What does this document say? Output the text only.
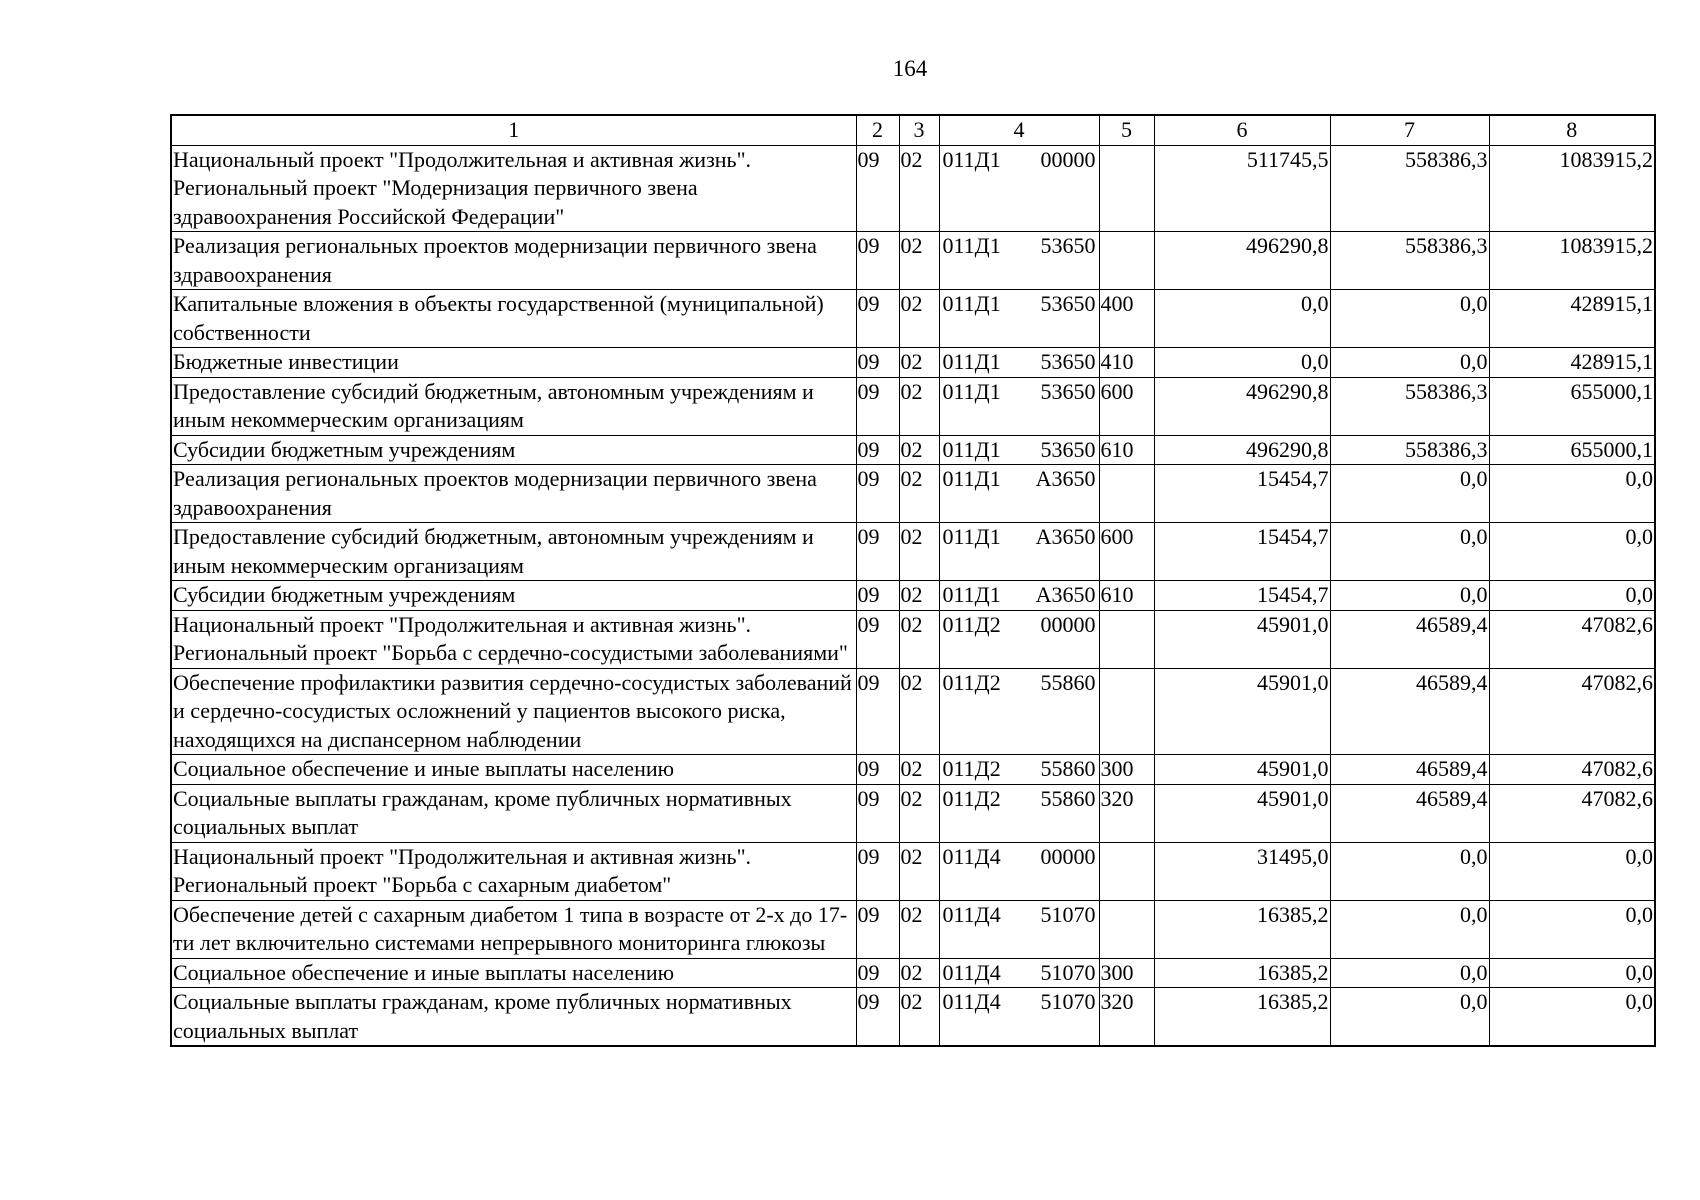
164
1	2	3	4	5	6	7	8
Национальный проект "Продолжительная и активная жизнь". Региональный проект "Модернизация первичного звена здравоохранения Российской Федерации"	09	02	011Д1 00000		511745,5	558386,3	1083915,2
Реализация региональных проектов модернизации первичного звена здравоохранения	09	02	011Д1 53650		496290,8	558386,3	1083915,2
Капитальные вложения в объекты государственной (муниципальной) собственности	09	02	011Д1 53650	400	0,0	0,0	428915,1
Бюджетные инвестиции	09	02	011Д1 53650	410	0,0	0,0	428915,1
Предоставление субсидий бюджетным, автономным учреждениям и иным некоммерческим организациям	09	02	011Д1 53650	600	496290,8	558386,3	655000,1
Субсидии бюджетным учреждениям	09	02	011Д1 53650	610	496290,8	558386,3	655000,1
Реализация региональных проектов модернизации первичного звена здравоохранения	09	02	011Д1 А3650		15454,7	0,0	0,0
Предоставление субсидий бюджетным, автономным учреждениям и иным некоммерческим организациям	09	02	011Д1 А3650	600	15454,7	0,0	0,0
Субсидии бюджетным учреждениям	09	02	011Д1 А3650	610	15454,7	0,0	0,0
Национальный проект "Продолжительная и активная жизнь". Региональный проект "Борьба с сердечно-сосудистыми заболеваниями"	09	02	011Д2 00000		45901,0	46589,4	47082,6
Обеспечение профилактики развития сердечно-сосудистых заболеваний и сердечно-сосудистых осложнений у пациентов высокого риска, находящихся на диспансерном наблюдении	09	02	011Д2 55860		45901,0	46589,4	47082,6
Социальное обеспечение и иные выплаты населению	09	02	011Д2 55860	300	45901,0	46589,4	47082,6
Социальные выплаты гражданам, кроме публичных нормативных социальных выплат	09	02	011Д2 55860	320	45901,0	46589,4	47082,6
Национальный проект "Продолжительная и активная жизнь". Региональный проект "Борьба с сахарным диабетом"	09	02	011Д4 00000		31495,0	0,0	0,0
Обеспечение детей с сахарным диабетом 1 типа в возрасте от 2-х до 17-ти лет включительно системами непрерывного мониторинга глюкозы	09	02	011Д4 51070		16385,2	0,0	0,0
Социальное обеспечение и иные выплаты населению	09	02	011Д4 51070	300	16385,2	0,0	0,0
Социальные выплаты гражданам, кроме публичных нормативных социальных выплат	09	02	011Д4 51070	320	16385,2	0,0	0,0
